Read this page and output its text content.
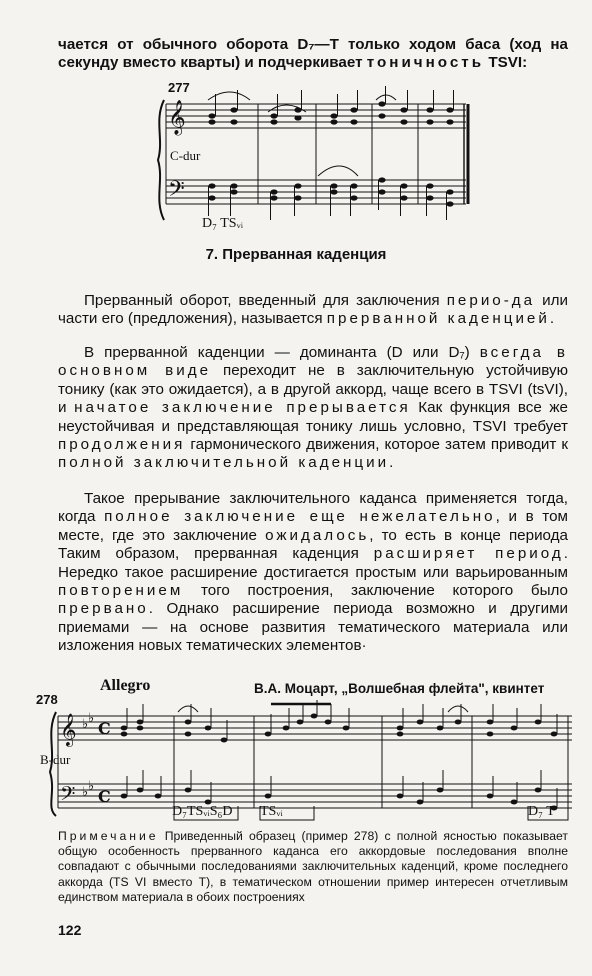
чается от обычного оборота D₇—T только ходом баса (ход на секунду вместо кварты) и подчеркивает тоничность TSVI:

277
C-dur
D₇ TSᵥᵢ
𝄞
𝄢
7. Прерванная каденция

Прерванный оборот, введенный для заключения перио-да или части его (предложения), называется прерванной каденцией.

В прерванной каденции — доминанта (D или D₇) всегда в основном виде переходит не в заключительную устойчивую тонику (как это ожидается), а в другой аккорд, чаще всего в TSVI (tsVI), и начатое заключение прерывается Как функция все же неустойчивая и представляющая тонику лишь условно, TSVI требует продолжения гармонического движения, которое затем приводит к полной заключительной каденции.

Такое прерывание заключительного каданса применяется тогда, когда полное заключение еще нежелательно, и в том месте, где это заключение ожидалось, то есть в конце периода Таким образом, прерванная каденция расширяет период. Нередко такое расширение достигается простым или варьированным повторением того построения, заключение которого было прервано. Однако расширение периода возможно и другими приемами — на основе развития тематического материала или изложения новых тематических элементов·

Allegro	В.А. Моцарт, „Волшебная флейта", квинтет
278
B-dur
D₇TSᵥᵢS₆D TSᵥᵢ	D₇ T
𝄞
𝄢
♭ ♭
♭ ♭
C
C

Примечание Приведенный образец (пример 278) с полной ясностью показывает общую особенность прерванного каданса его аккордовые последования вполне совпадают с обычными последованиями заключительных каденций, кроме последнего аккорда (TS VI вместо T), в тематическом отношении пример интересен отчетливым единством материала в обоих построениях

122
